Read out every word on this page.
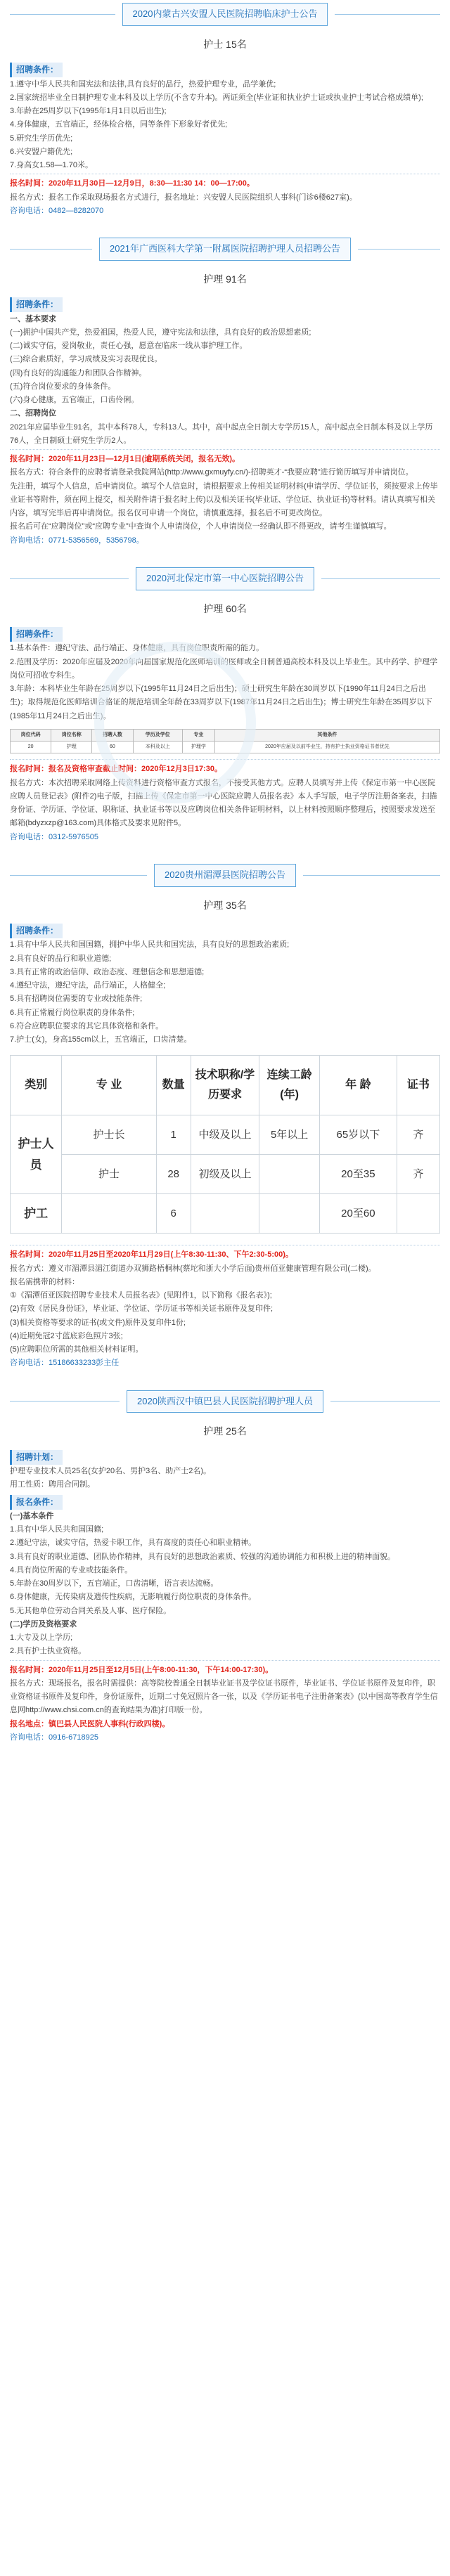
2020内蒙古兴安盟人民医院招聘临床护士公告
护士 15名
招聘条件：
1.遵守中华人民共和国宪法和法律,具有良好的品行，热爱护理专业，品学兼优;
2.国家统招毕业全日制护理专业本科及以上学历(不含专升本)。两证须全(毕业证和执业护士证或执业护士考试合格成绩单);
3.年龄在25周岁以下(1995年1月1日以后出生);
4.身体健康，五官端正，经体检合格，同等条件下形象好者优先;
5.研究生学历优先;
6.兴安盟户籍优先;
7.身高女1.58—1.70米。
报名时间：2020年11月30日—12月9日，8:30—11:30 14：00—17:00。
报名方式：报名工作采取现场报名方式进行，报名地址：兴安盟人民医院组织人事科(门诊6楼627室)。
咨询电话：0482—8282070
2021年广西医科大学第一附属医院招聘护理人员招聘公告
护理 91名
招聘条件：
一、基本要求
(一)拥护中国共产党，热爱祖国，热爱人民，遵守宪法和法律，具有良好的政治思想素质;
(二)诚实守信，爱岗敬业，责任心强，愿意在临床一线从事护理工作。
(三)综合素质好，学习成绩及实习表现优良。
(四)有良好的沟通能力和团队合作精神。
(五)符合岗位要求的身体条件。
(六)身心健康，五官端正，口齿伶俐。
二、招聘岗位
2021年应届毕业生91名，其中本科78人，专科13人。其中，高中起点全日制大专学历15人，高中起点全日制本科及以上学历76人，全日制硕士研究生学历2人。
报名时间：2020年11月23日—12月1日(逾期系统关闭，报名无效)。
报名方式：符合条件的应聘者请登录我院网站(http://www.gxmuyfy.cn/)-招聘英才-“我要应聘”进行简历填写并申请岗位。
先注册，填写个人信息，后申请岗位。填写个人信息时，请根据要求上传相关证明材料(申请学历、学位证书，须按要求上传毕业证书等附件，须在网上提交，相关附件请于报名时上传)以及相关证书(毕业证、学位证、执业证书)等材料。请认真填写相关内容，填写完毕后再申请岗位。报名仅可申请一个岗位，请慎重选择，报名后不可更改岗位。
报名后可在“应聘岗位”或“应聘专业”中查询个人申请岗位，个人申请岗位一经确认即不得更改，请考生谨慎填写。
咨询电话：0771-5356569，5356798。
2020河北保定市第一中心医院招聘公告
护理 60名
招聘条件：
1.基本条件：遵纪守法、品行端正、身体健康，具有岗位职责所需的能力。
2.范围及学历：2020年应届及2020年向届国家规范化医师培训的医师或全日制普通高校本科及以上毕业生。其中药学、护理学岗位可招收专科生。
3.年龄：本科毕业生年龄在25周岁以下(1995年11月24日之后出生)；硕士研究生年龄在30周岁以下(1990年11月24日之后出生)；取得规范化医师培训合格证的规范培训全年龄在33周岁以下(1987年11月24日之后出生)；博士研究生年龄在35周岁以下(1985年11月24日之后出生)。
岗位代码	岗位名称	招聘人数	学历及学位	专业	其他条件
20	护理	60	本科及以上	护理学	2020年应届及以前毕业生，持有护士执业资格证书者优先
报名时间：报名及资格审查截止时间：2020年12月3日17:30。
报名方式：本次招聘采取网络上传资料进行资格审查方式报名，不接受其他方式。应聘人员填写并上传《保定市第一中心医院应聘人员登记表》(附件2)电子版，扫描上传《保定市第一中心医院应聘人员报名表》本人手写版，电子学历注册备案表，扫描身份证、学历证、学位证、职称证、执业证书等以及应聘岗位相关条件证明材料，以上材料按照顺序整理后，按照要求发送至邮箱(bdyzxzp@163.com)具体格式及要求见附件5。
咨询电话：0312-5976505
2020贵州湄潭县医院招聘公告
护理 35名
招聘条件：
1.具有中华人民共和国国籍，拥护中华人民共和国宪法，具有良好的思想政治素质;
2.具有良好的品行和职业道德;
3.具有正常的政治信仰、政治态度、理想信念和思想道德;
4.遵纪守法，遵纪守法，品行端正，人格健全;
5.具有招聘岗位需要的专业或技能条件;
6.具有正常履行岗位职责的身体条件;
6.符合应聘职位要求的其它具体资格和条件。
7.护士(女)，身高155cm以上，五官端正，口齿清楚。
类别	专 业	数量	技术职称/学历要求	连续工龄(年)	年 龄	证书
护士人员	护士长	1	中级及以上	5年以上	65岁以下	齐
	护士	28	初级及以上		20至35	齐
护工		6			20至60	
报名时间：2020年11月25日至2020年11月29日(上午8:30-11:30、下午2:30-5:00)。
报名方式：遵义市湄潭县湄江街道办双狮路梧桐林(蔡坨和浙大小学后面)贵州佰亚健康管理有限公司(二楼)。
报名需携带的材料：
①《湄潭佰亚医院招聘专业技术人员报名表》(见附件1，以下简称《报名表》);
(2)有效《居民身份证》，毕业证、学位证、学历证书等相关证书原件及复印件;
(3)相关资格等要求的证书(或文件)原件及复印件1份;
(4)近期免冠2寸蓝底彩色照片3张;
(5)应聘职位所需的其他相关材料证明。
咨询电话：15186633233彭主任
2020陕西汉中镇巴县人民医院招聘护理人员
护理 25名
招聘计划：
护理专业技术人员25名(女护20名、男护3名、助产士2名)。
用工性质：聘用合同制。
报名条件：
(一)基本条件
1.具有中华人民共和国国籍;
2.遵纪守法，诚实守信，热爱卡职工作，具有高度的责任心和职业精神。
3.具有良好的职业道德、团队协作精神，具有良好的思想政治素质、较强的沟通协调能力和积极上进的精神面貌。
4.具有岗位所需的专业或技能条件。
5.年龄在30周岁以下，五官端正，口齿清晰，语言表达流畅。
6.身体健康，无传染病及遗传性疾病，无影响履行岗位职责的身体条件。
5.无其他单位劳动合同关系及人事、医疗保险。
(二)学历及资格要求
1.大专及以上学历;
2.具有护士执业资格。
报名时间：2020年11月25日至12月5日(上午8:00-11:30，下午14:00-17:30)。
报名方式：现场报名，报名时需提供：高等院校普通全日制毕业证书及学位证书原件，毕业证书、学位证书原件及复印件，职业资格证书原件及复印件，身份证原件，近期二寸免冠照片各一张，以及《学历证书电子注册备案表》(以中国高等教育学生信息网http://www.chsi.com.cn的查询结果为准)打印版一份。
报名地点：镇巴县人民医院人事科(行政四楼)。
咨询电话：0916-6718925
